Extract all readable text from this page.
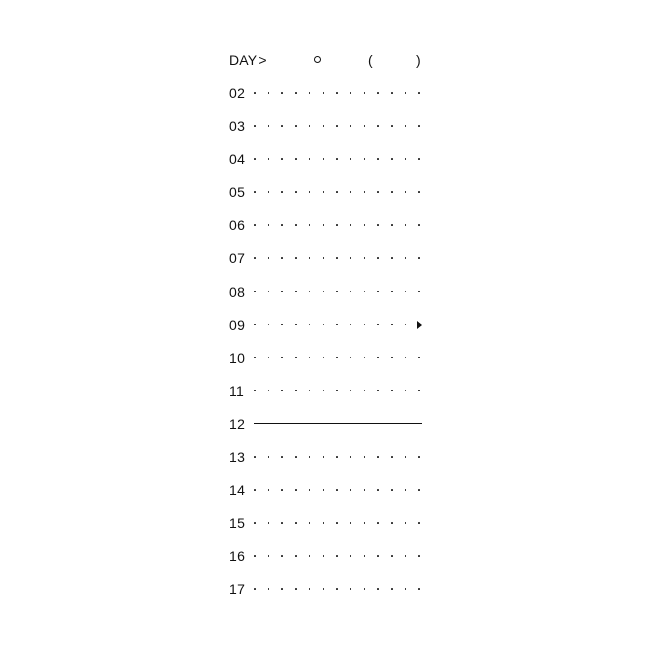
DAY>	(	)
02
03
04
05
06
07
08
09
10
11
12
13
14
15
16
17
